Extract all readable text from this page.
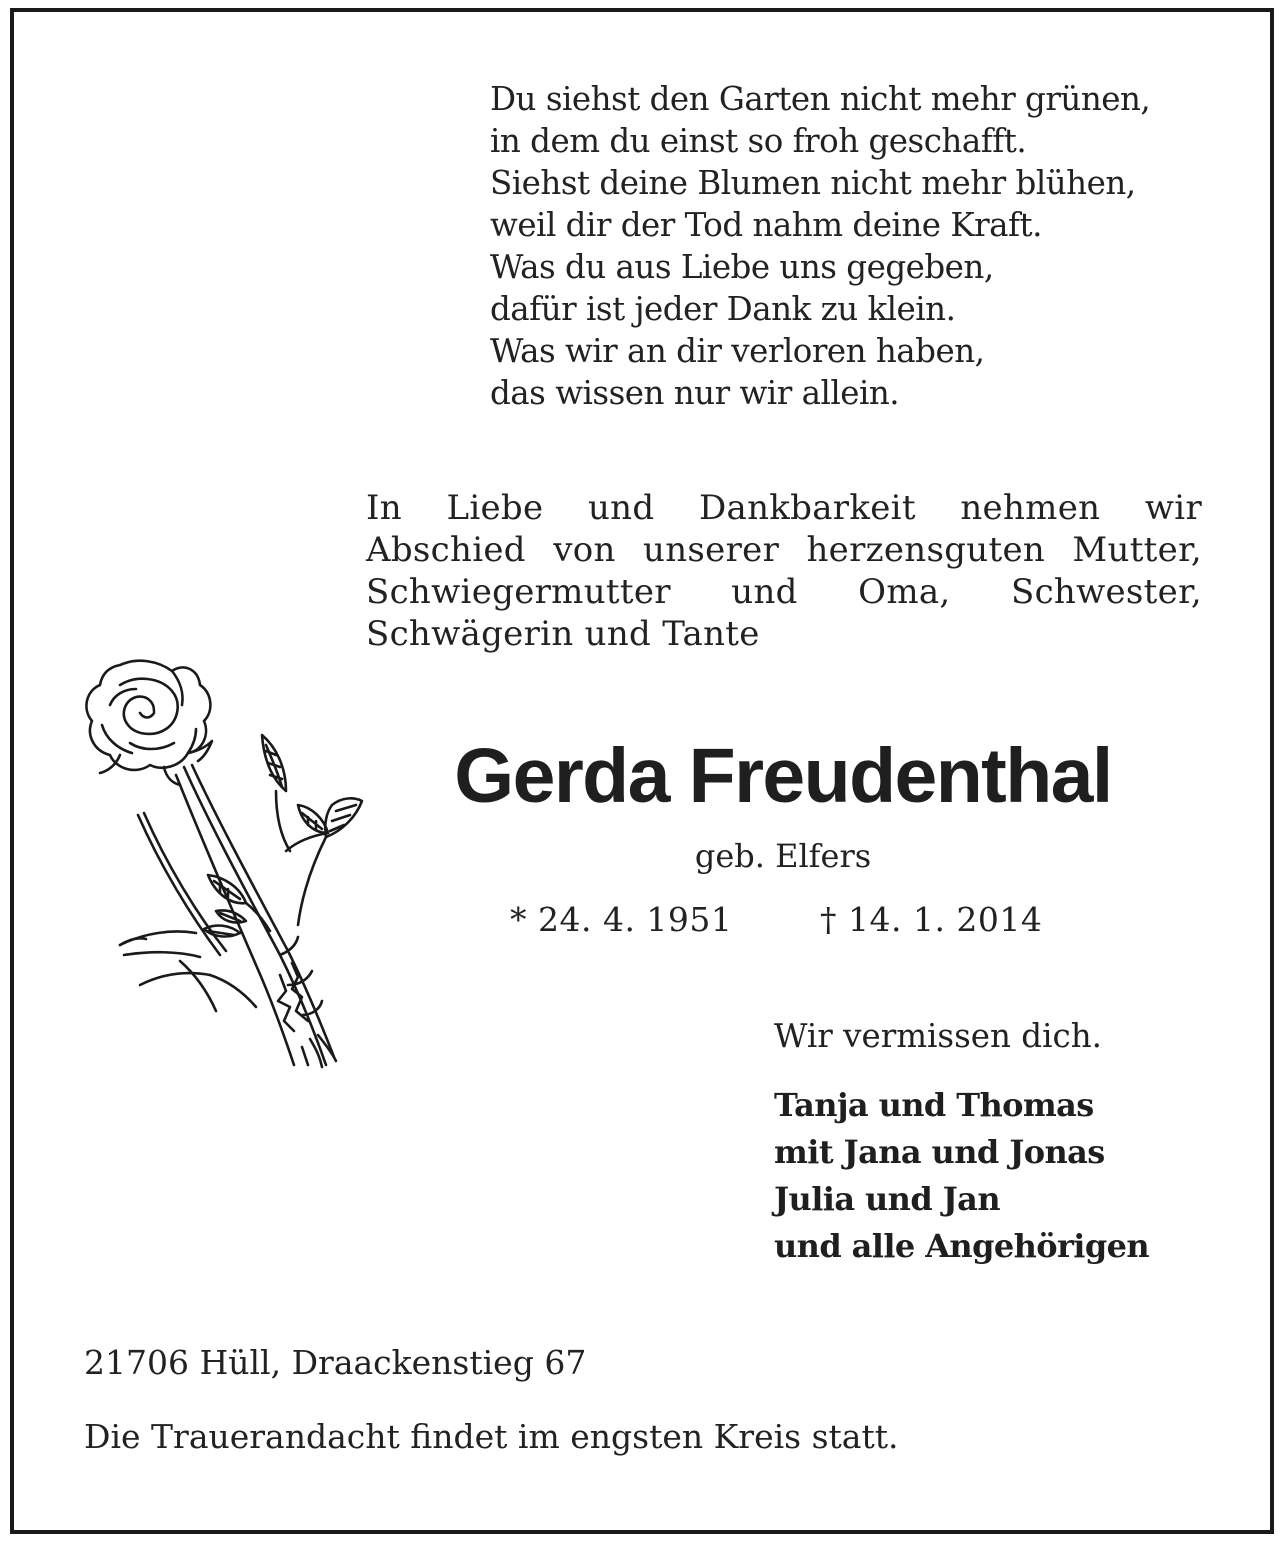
Du siehst den Garten nicht mehr grünen,
in dem du einst so froh geschafft.
Siehst deine Blumen nicht mehr blühen,
weil dir der Tod nahm deine Kraft.
Was du aus Liebe uns gegeben,
dafür ist jeder Dank zu klein.
Was wir an dir verloren haben,
das wissen nur wir allein.
In Liebe und Dankbarkeit nehmen wir
Abschied von unserer herzensguten Mutter,
Schwiegermutter und Oma, Schwester,
Schwägerin und Tante
Gerda Freudenthal
geb. Elfers
* 24. 4. 1951	† 14. 1. 2014
Wir vermissen dich.
Tanja und Thomas
mit Jana und Jonas
Julia und Jan
und alle Angehörigen
21706 Hüll, Draackenstieg 67
Die Trauerandacht findet im engsten Kreis statt.
